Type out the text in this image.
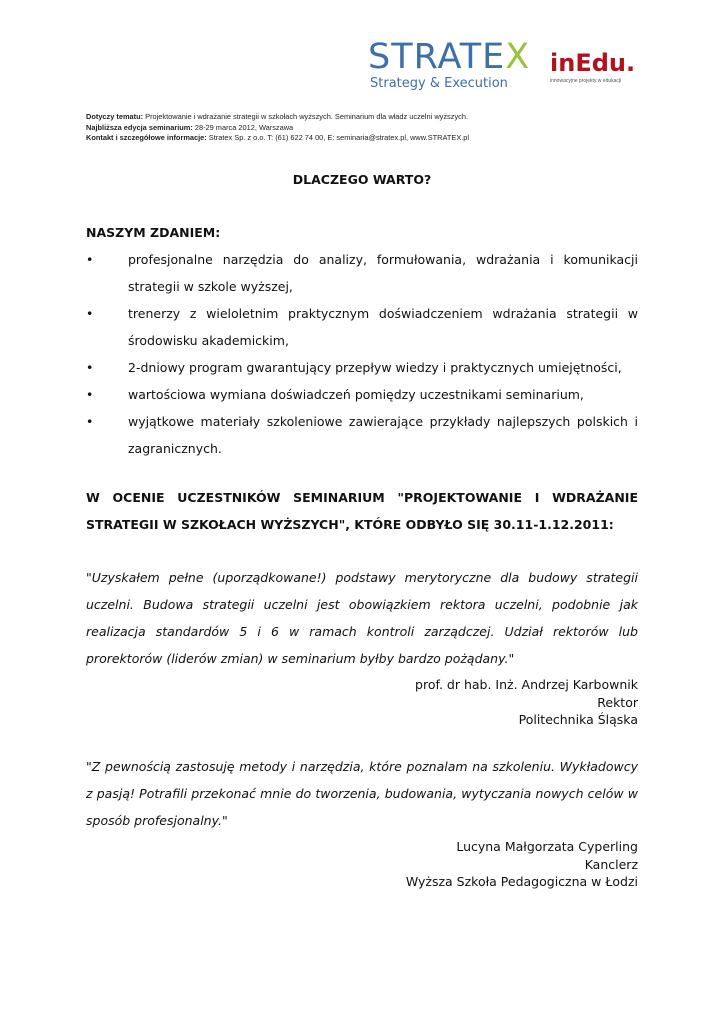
STRATEX
Strategy & Execution
inEdu.
innowacyjne projekty w edukacji
Dotyczy tematu: Projektowanie i wdrażanie strategii w szkołach wyższych. Seminarium dla władz uczelni wyższych.
Najbliższa edycja seminarium: 28-29 marca 2012, Warszawa
Kontakt i szczegółowe informacje: Stratex Sp. z o.o. T: (61) 622 74 00, E: seminaria@stratex.pl, www.STRATEX.pl
DLACZEGO WARTO?
NASZYM ZDANIEM:
•	profesjonalne narzędzia do analizy, formułowania, wdrażania i komunikacji strategii w szkole wyższej,
•	trenerzy z wieloletnim praktycznym doświadczeniem wdrażania strategii w środowisku akademickim,
•	2-dniowy program gwarantujący przepływ wiedzy i praktycznych umiejętności,
•	wartościowa wymiana doświadczeń pomiędzy uczestnikami seminarium,
•	wyjątkowe materiały szkoleniowe zawierające przykłady najlepszych polskich i zagranicznych.
W OCENIE UCZESTNIKÓW SEMINARIUM "PROJEKTOWANIE I WDRAŻANIE STRATEGII W SZKOŁACH WYŻSZYCH", KTÓRE ODBYŁO SIĘ 30.11-1.12.2011:
"Uzyskałem pełne (uporządkowane!) podstawy merytoryczne dla budowy strategii uczelni. Budowa strategii uczelni jest obowiązkiem rektora uczelni, podobnie jak realizacja standardów 5 i 6 w ramach kontroli zarządczej. Udział rektorów lub prorektorów (liderów zmian) w seminarium byłby bardzo pożądany."
prof. dr hab. Inż. Andrzej Karbownik
Rektor
Politechnika Śląska
"Z pewnością zastosuję metody i narzędzia, które poznalam na szkoleniu. Wykładowcy z pasją! Potrafili przekonać mnie do tworzenia, budowania, wytyczania nowych celów w sposób profesjonalny."
Lucyna Małgorzata Cyperling
Kanclerz
Wyższa Szkoła Pedagogiczna w Łodzi
